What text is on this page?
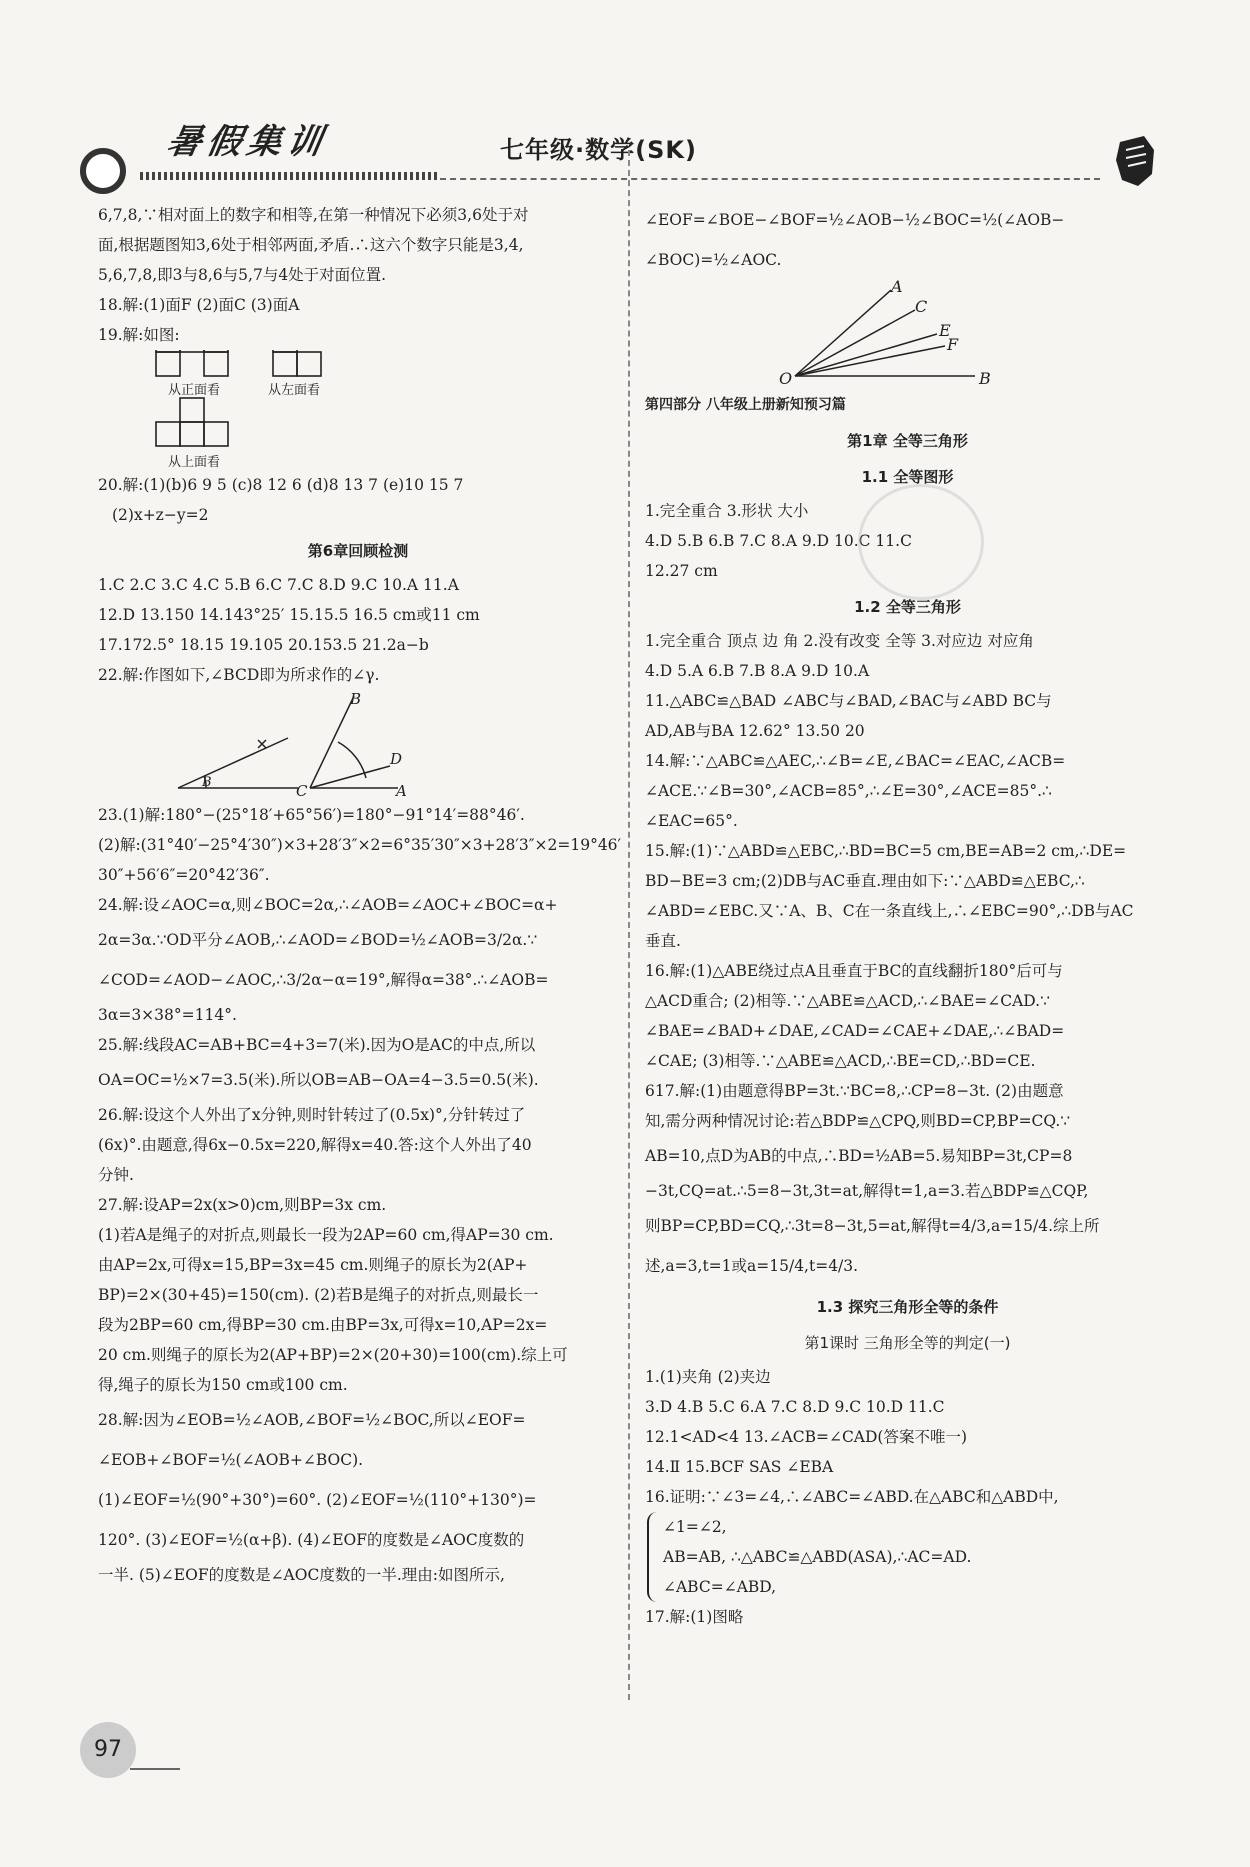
暑假集训	七年级·数学(SK)

6,7,8,∵相对面上的数字和相等,在第一种情况下必须3,6处于对

面,根据题图知3,6处于相邻两面,矛盾.∴这六个数字只能是3,4,

5,6,7,8,即3与8,6与5,7与4处于对面位置.

18.解:(1)面F (2)面C (3)面A

19.解:如图:

从正面看	从左面看
从上面看

20.解:(1)(b)6 9 5 (c)8 12 6 (d)8 13 7 (e)10 15 7

(2)x+z−y=2

第6章回顾检测

1.C 2.C 3.C 4.C 5.B 6.C 7.C 8.D 9.C 10.A 11.A

12.D 13.150 14.143°25′ 15.15.5 16.5 cm或11 cm

17.172.5° 18.15 19.105 20.153.5 21.2a−b

22.解:作图如下,∠BCD即为所求作的∠γ.

B
B
C
D
A

23.(1)解:180°−(25°18′+65°56′)=180°−91°14′=88°46′.

(2)解:(31°40′−25°4′30″)×3+28′3″×2=6°35′30″×3+28′3″×2=19°46′

30″+56′6″=20°42′36″.

24.解:设∠AOC=α,则∠BOC=2α,∴∠AOB=∠AOC+∠BOC=α+

2α=3α.∵OD平分∠AOB,∴∠AOD=∠BOD=½∠AOB=3/2α.∵

∠COD=∠AOD−∠AOC,∴3/2α−α=19°,解得α=38°.∴∠AOB=

3α=3×38°=114°.

25.解:线段AC=AB+BC=4+3=7(米).因为O是AC的中点,所以

OA=OC=½×7=3.5(米).所以OB=AB−OA=4−3.5=0.5(米).

26.解:设这个人外出了x分钟,则时针转过了(0.5x)°,分针转过了

(6x)°.由题意,得6x−0.5x=220,解得x=40.答:这个人外出了40

分钟.

27.解:设AP=2x(x>0)cm,则BP=3x cm.

(1)若A是绳子的对折点,则最长一段为2AP=60 cm,得AP=30 cm.

由AP=2x,可得x=15,BP=3x=45 cm.则绳子的原长为2(AP+

BP)=2×(30+45)=150(cm). (2)若B是绳子的对折点,则最长一

段为2BP=60 cm,得BP=30 cm.由BP=3x,可得x=10,AP=2x=

20 cm.则绳子的原长为2(AP+BP)=2×(20+30)=100(cm).综上可

得,绳子的原长为150 cm或100 cm.

28.解:因为∠EOB=½∠AOB,∠BOF=½∠BOC,所以∠EOF=

∠EOB+∠BOF=½(∠AOB+∠BOC).

(1)∠EOF=½(90°+30°)=60°. (2)∠EOF=½(110°+130°)=

120°. (3)∠EOF=½(α+β). (4)∠EOF的度数是∠AOC度数的

一半. (5)∠EOF的度数是∠AOC度数的一半.理由:如图所示,

∠EOF=∠BOE−∠BOF=½∠AOB−½∠BOC=½(∠AOB−

∠BOC)=½∠AOC.

A
C
E
F
O	B

第四部分 八年级上册新知预习篇

第1章 全等三角形

1.1 全等图形

1.完全重合 3.形状 大小

4.D 5.B 6.B 7.C 8.A 9.D 10.C 11.C

12.27 cm

1.2 全等三角形

1.完全重合 顶点 边 角 2.没有改变 全等 3.对应边 对应角

4.D 5.A 6.B 7.B 8.A 9.D 10.A

11.△ABC≌△BAD ∠ABC与∠BAD,∠BAC与∠ABD BC与

AD,AB与BA 12.62° 13.50 20

14.解:∵△ABC≌△AEC,∴∠B=∠E,∠BAC=∠EAC,∠ACB=

∠ACE.∵∠B=30°,∠ACB=85°,∴∠E=30°,∠ACE=85°.∴

∠EAC=65°.

15.解:(1)∵△ABD≌△EBC,∴BD=BC=5 cm,BE=AB=2 cm,∴DE=

BD−BE=3 cm;(2)DB与AC垂直.理由如下:∵△ABD≌△EBC,∴

∠ABD=∠EBC.又∵A、B、C在一条直线上,∴∠EBC=90°,∴DB与AC

垂直.

16.解:(1)△ABE绕过点A且垂直于BC的直线翻折180°后可与

△ACD重合; (2)相等.∵△ABE≌△ACD,∴∠BAE=∠CAD.∵

∠BAE=∠BAD+∠DAE,∠CAD=∠CAE+∠DAE,∴∠BAD=

∠CAE; (3)相等.∵△ABE≌△ACD,∴BE=CD,∴BD=CE.

617.解:(1)由题意得BP=3t.∵BC=8,∴CP=8−3t. (2)由题意

知,需分两种情况讨论:若△BDP≌△CPQ,则BD=CP,BP=CQ.∵

AB=10,点D为AB的中点,∴BD=½AB=5.易知BP=3t,CP=8

−3t,CQ=at.∴5=8−3t,3t=at,解得t=1,a=3.若△BDP≌△CQP,

则BP=CP,BD=CQ,∴3t=8−3t,5=at,解得t=4/3,a=15/4.综上所

述,a=3,t=1或a=15/4,t=4/3.

1.3 探究三角形全等的条件

第1课时 三角形全等的判定(一)

1.(1)夹角 (2)夹边

3.D 4.B 5.C 6.A 7.C 8.D 9.C 10.D 11.C

12.1<AD<4 13.∠ACB=∠CAD(答案不唯一)

14.Ⅱ 15.BCF SAS ∠EBA

16.证明:∵∠3=∠4,∴∠ABC=∠ABD.在△ABC和△ABD中,

∠1=∠2,

AB=AB, ∴△ABC≌△ABD(ASA),∴AC=AD.

∠ABC=∠ABD,

17.解:(1)图略

97
